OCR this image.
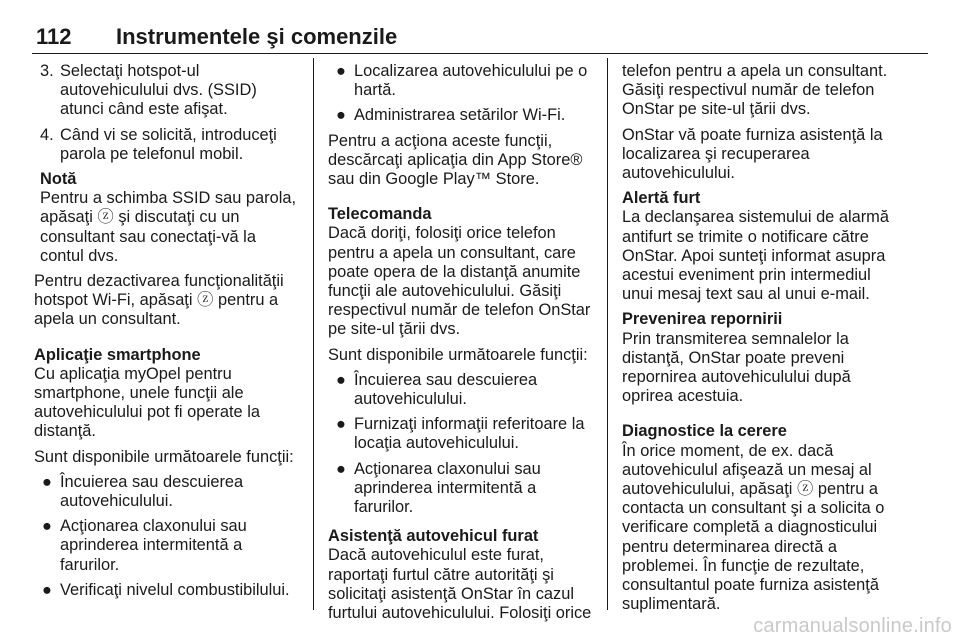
112 Instrumentele şi comenzile
3. Selectaţi hotspot-ul autovehiculului dvs. (SSID) atunci când este afişat.
4. Când vi se solicită, introduceţi parola pe telefonul mobil.
Notă
Pentru a schimba SSID sau parola, apăsaţi ⓩ şi discutaţi cu un consultant sau conectaţi-vă la contul dvs.

Pentru dezactivarea funcţionalităţii hotspot Wi-Fi, apăsaţi ⓩ pentru a apela un consultant.

Aplicaţie smartphone

Cu aplicaţia myOpel pentru smartphone, unele funcţii ale autovehiculului pot fi operate la distanţă.

Sunt disponibile următoarele funcţii:

● Încuierea sau descuierea autovehiculului.
● Acţionarea claxonului sau aprinderea intermitentă a farurilor.
● Verificaţi nivelul combustibilului.
● Localizarea autovehiculului pe o hartă.
● Administrarea setărilor Wi-Fi.

Pentru a acţiona aceste funcţii, descărcaţi aplicaţia din App Store® sau din Google Play™ Store.

Telecomanda

Dacă doriţi, folosiţi orice telefon pentru a apela un consultant, care poate opera de la distanţă anumite funcţii ale autovehiculului. Găsiţi respectivul număr de telefon OnStar pe site-ul ţării dvs.

Sunt disponibile următoarele funcţii:

● Încuierea sau descuierea autovehiculului.
● Furnizaţi informaţii referitoare la locaţia autovehiculului.
● Acţionarea claxonului sau aprinderea intermitentă a farurilor.
Asistenţă autovehicul furat

Dacă autovehiculul este furat, raportaţi furtul către autorităţi şi solicitaţi asistenţă OnStar în cazul furtului autovehiculului. Folosiţi orice

telefon pentru a apela un consultant. Găsiţi respectivul număr de telefon OnStar pe site-ul ţării dvs.

OnStar vă poate furniza asistenţă la localizarea şi recuperarea autovehiculului.

Alertă furt

La declanşarea sistemului de alarmă antifurt se trimite o notificare către OnStar. Apoi sunteţi informat asupra acestui eveniment prin intermediul unui mesaj text sau al unui e-mail.

Prevenirea repornirii

Prin transmiterea semnalelor la distanţă, OnStar poate preveni repornirea autovehiculului după oprirea acestuia.

Diagnostice la cerere

În orice moment, de ex. dacă autovehiculul afişează un mesaj al autovehiculului, apăsaţi ⓩ pentru a contacta un consultant şi a solicita o verificare completă a diagnosticului pentru determinarea directă a problemei. În funcţie de rezultate, consultantul poate furniza asistenţă suplimentară.

carmanualsonline.info
